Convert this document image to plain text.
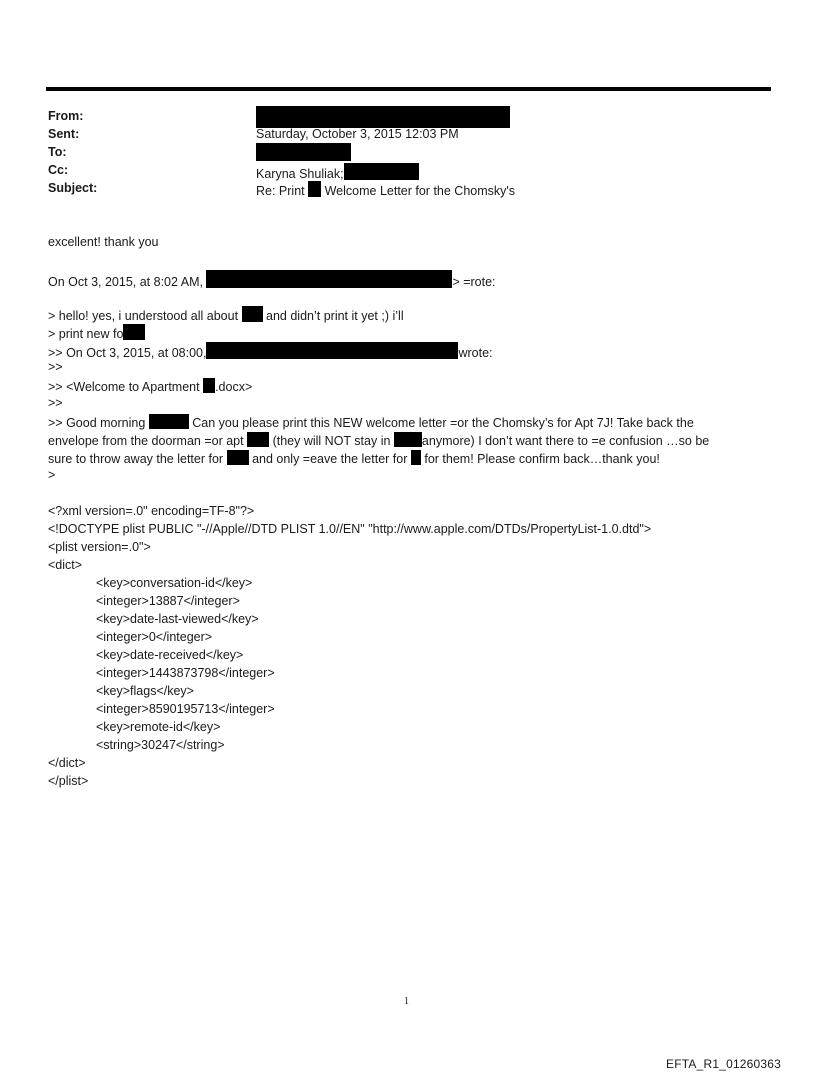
From:
Sent:	Saturday, October 3, 2015 12:03 PM
To:
Cc:	Karyna Shuliak;
Subject:	Re: Print Welcome Letter for the Chomsky's
excellent! thank you
On Oct 3, 2015, at 8:02 AM,	> =rote:
> hello! yes, i understood all about and didn’t print it yet ;) i’ll
> print new fo
>> On Oct 3, 2015, at 08:00,	wrote:
>>
>> <Welcome to Apartment .docx>
>>
>> Good morning	Can you please print this NEW welcome letter =or the Chomsky’s for Apt 7J! Take back the
envelope from the doorman =or apt (they will NOT stay in	anymore) I don’t want there to =e confusion …so be
sure to throw away the letter for and only =eave the letter for for them! Please confirm back…thank you!
>
<?xml version=.0" encoding=TF-8"?>
<!DOCTYPE plist PUBLIC "-//Apple//DTD PLIST 1.0//EN" "http://www.apple.com/DTDs/PropertyList-1.0.dtd">
<plist version=.0">
<dict>
<key>conversation-id</key>
<integer>13887</integer>
<key>date-last-viewed</key>
<integer>0</integer>
<key>date-received</key>
<integer>1443873798</integer>
<key>flags</key>
<integer>8590195713</integer>
<key>remote-id</key>
<string>30247</string>
</dict>
</plist>
1
EFTA_R1_01260363
